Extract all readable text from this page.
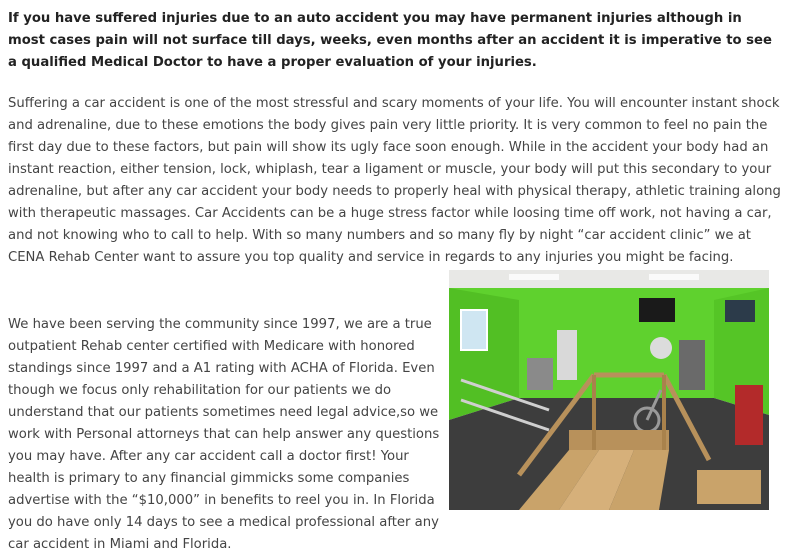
If you have suffered injuries due to an auto accident you may have permanent injuries although in most cases pain will not surface till days, weeks, even months after an accident it is imperative to see a qualified Medical Doctor to have a proper evaluation of your injuries.

Suffering a car accident is one of the most stressful and scary moments of your life. You will encounter instant shock and adrenaline, due to these emotions the body gives pain very little priority. It is very common to feel no pain the first day due to these factors, but pain will show its ugly face soon enough. While in the accident your body had an instant reaction, either tension, lock, whiplash, tear a ligament or muscle, your body will put this secondary to your adrenaline, but after any car accident your body needs to properly heal with physical therapy, athletic training along with therapeutic massages. Car Accidents can be a huge stress factor while loosing time off work, not having a car, and not knowing who to call to help. With so many numbers and so many fly by night “car accident clinic” we at CENA Rehab Center want to assure you top quality and service in regards to any injuries you might be facing.

We have been serving the community since 1997, we are a true outpatient Rehab center certified with Medicare with honored standings since 1997 and a A1 rating with ACHA of Florida. Even though we focus only rehabilitation for our patients we do understand that our patients sometimes need legal advice,so we work with Personal attorneys that can help answer any questions you may have. After any car accident call a doctor first! Your health is primary to any financial gimmicks some companies advertise with the “$10,000” in benefits to reel you in. In Florida you do have only 14 days to see a medical professional after any car accident in Miami and Florida.
